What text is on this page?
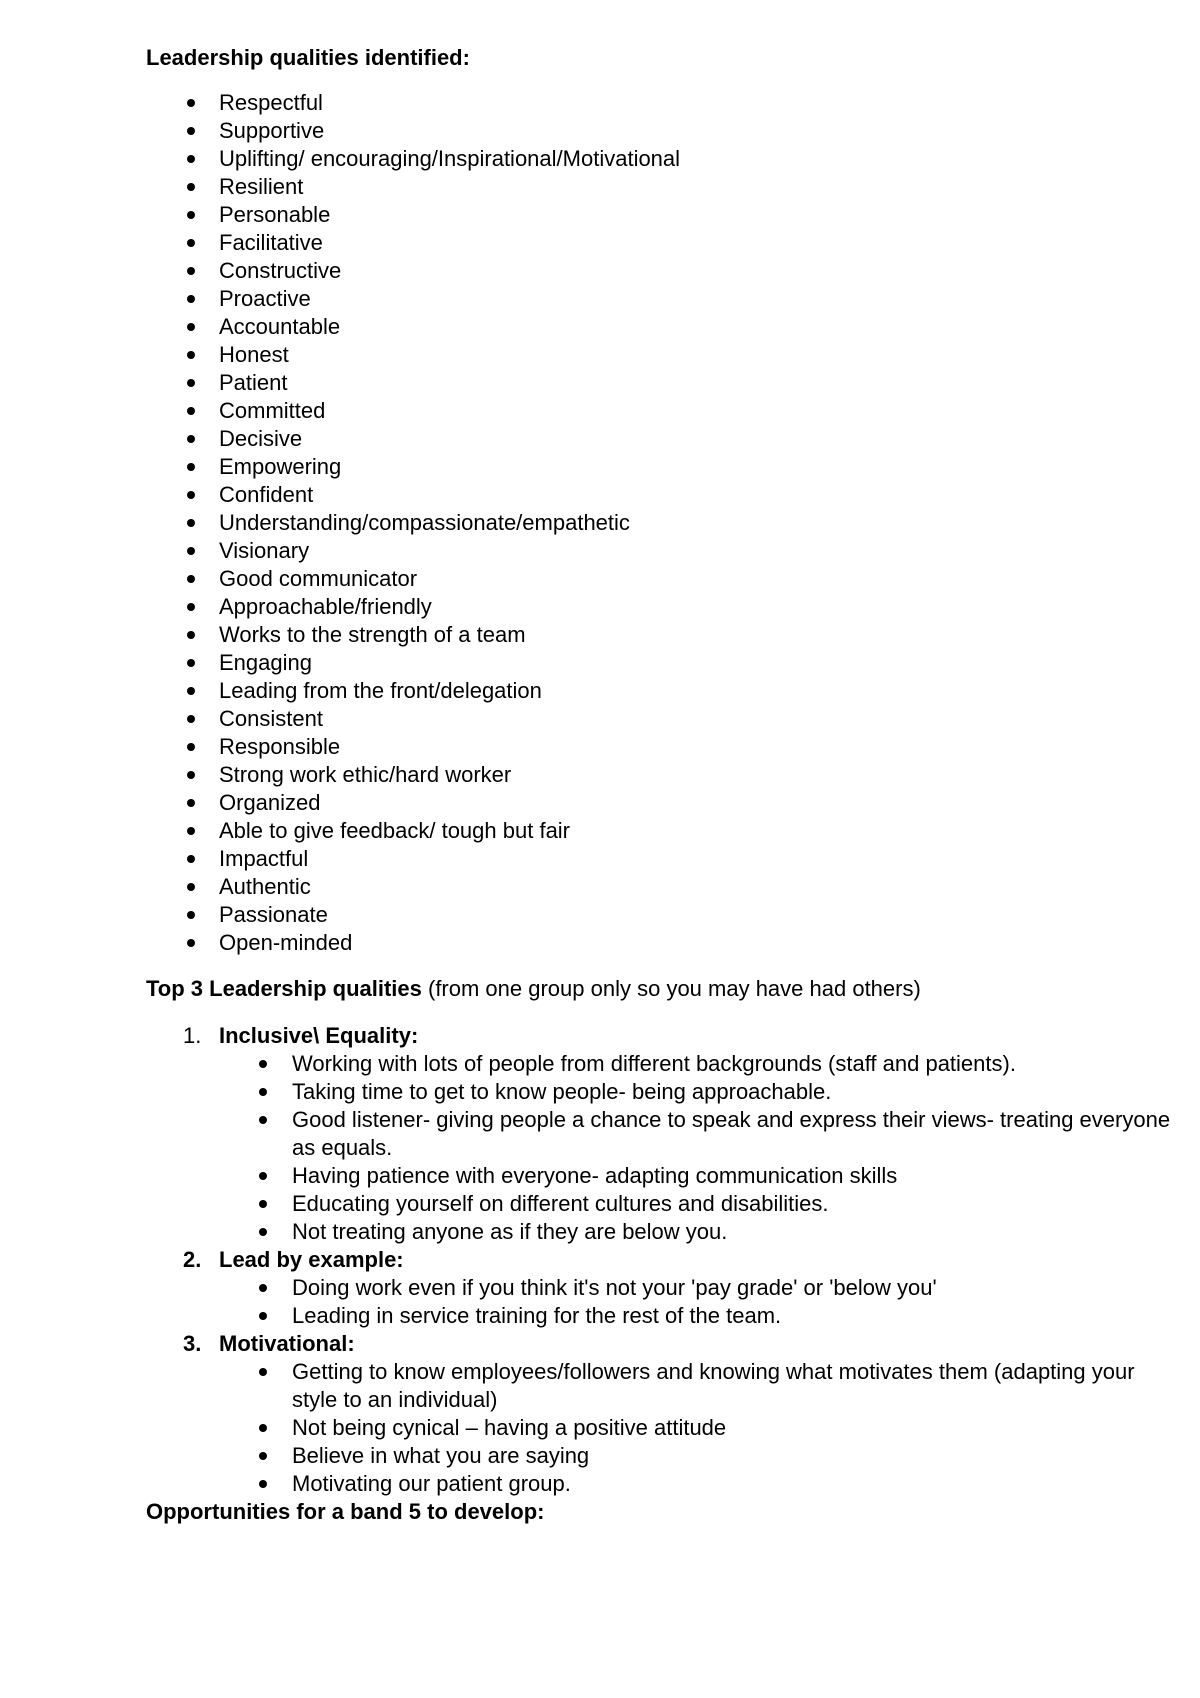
Leadership qualities identified:
Respectful
Supportive
Uplifting/ encouraging/Inspirational/Motivational
Resilient
Personable
Facilitative
Constructive
Proactive
Accountable
Honest
Patient
Committed
Decisive
Empowering
Confident
Understanding/compassionate/empathetic
Visionary
Good communicator
Approachable/friendly
Works to the strength of a team
Engaging
Leading from the front/delegation
Consistent
Responsible
Strong work ethic/hard worker
Organized
Able to give feedback/ tough but fair
Impactful
Authentic
Passionate
Open-minded
Top 3 Leadership qualities (from one group only so you may have had others)
1. Inclusive\ Equality:
Working with lots of people from different backgrounds (staff and patients).
Taking time to get to know people- being approachable.
Good listener- giving people a chance to speak and express their views- treating everyone as equals.
Having patience with everyone- adapting communication skills
Educating yourself on different cultures and disabilities.
Not treating anyone as if they are below you.
2. Lead by example:
Doing work even if you think it's not your 'pay grade' or 'below you'
Leading in service training for the rest of the team.
3. Motivational:
Getting to know employees/followers and knowing what motivates them (adapting your style to an individual)
Not being cynical – having a positive attitude
Believe in what you are saying
Motivating our patient group.
Opportunities for a band 5 to develop:
